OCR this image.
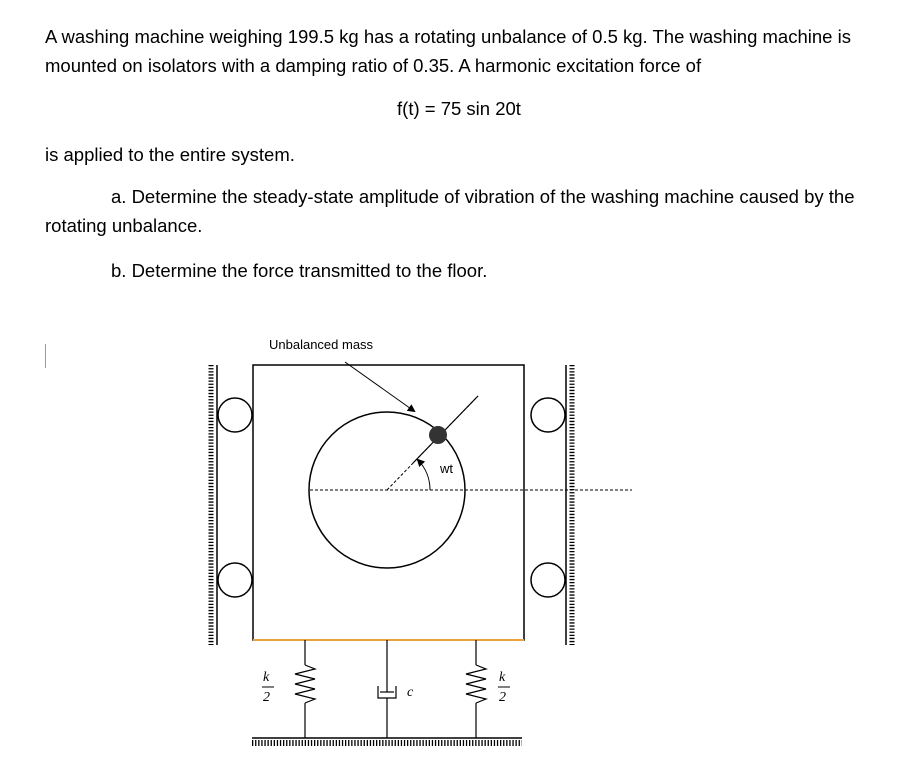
A washing machine weighing 199.5 kg has a rotating unbalance of 0.5 kg. The washing machine is mounted on isolators with a damping ratio of 0.35. A harmonic excitation force of

f(t) = 75 sin 20t

is applied to the entire system.

a. Determine the steady-state amplitude of vibration of the washing machine caused by the rotating unbalance.

b. Determine the force transmitted to the floor.

wt
Unbalanced mass
k
2
k
2
c
